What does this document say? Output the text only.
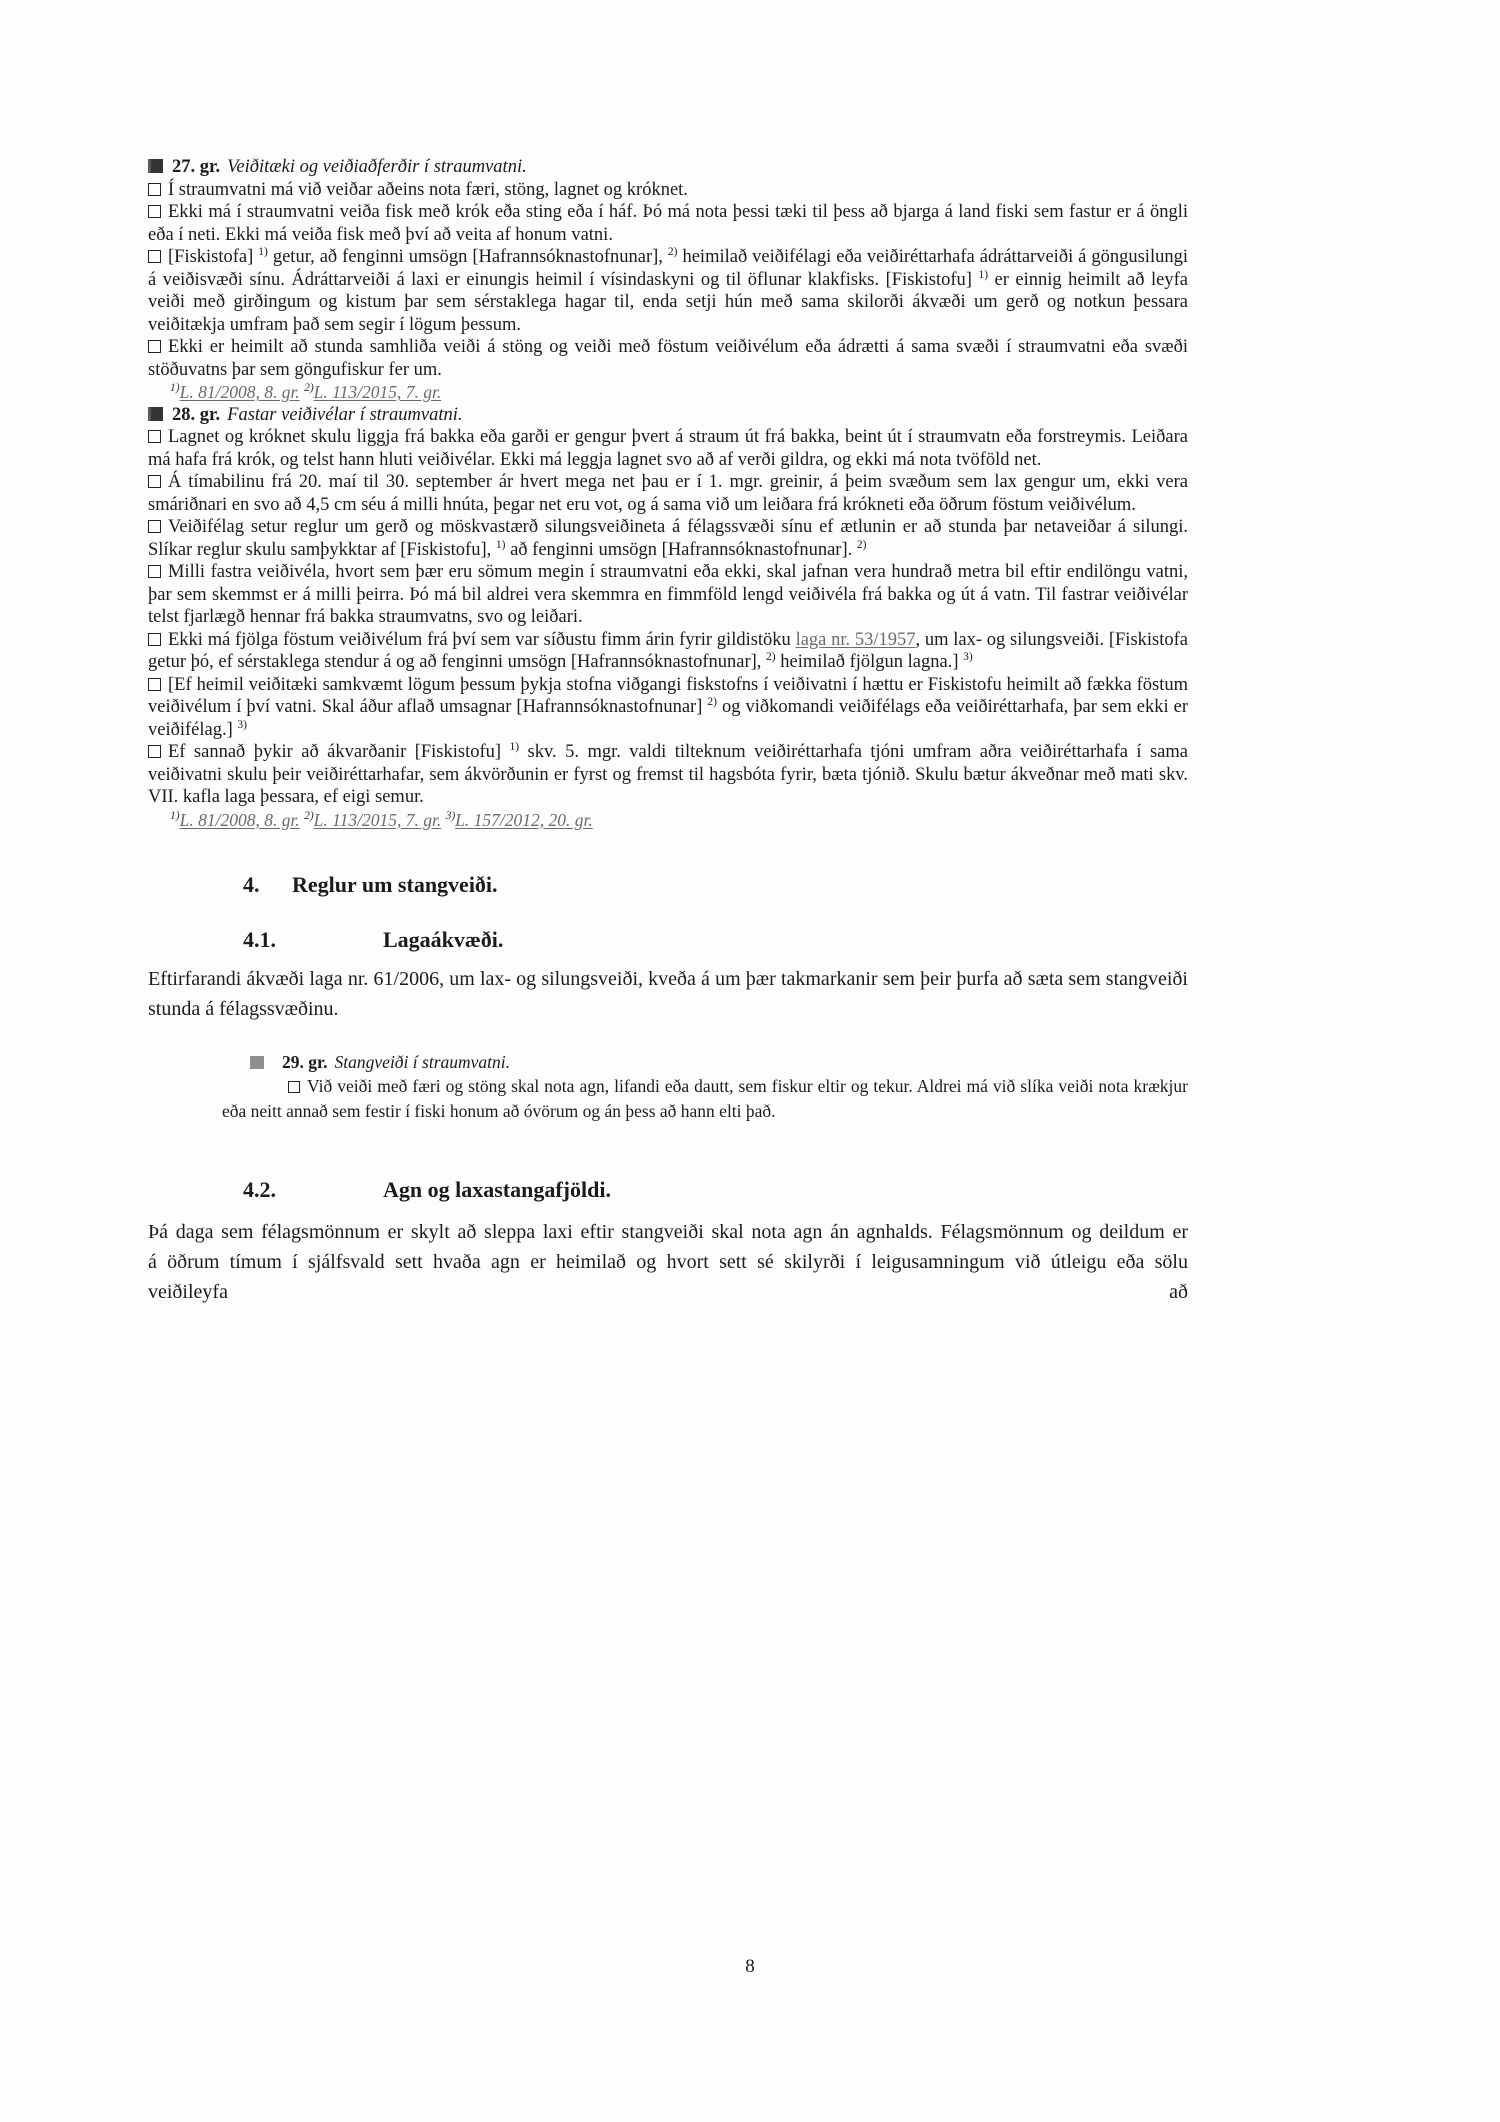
27. gr. Veiðitæki og veiðiaðferðir í straumvatni.
Í straumvatni má við veiðar aðeins nota færi, stöng, lagnet og króknet.
Ekki má í straumvatni veiða fisk með krók eða sting eða í háf. Þó má nota þessi tæki til þess að bjarga á land fiski sem fastur er á öngli eða í neti. Ekki má veiða fisk með því að veita af honum vatni.
[Fiskistofa] $^{1)}$ getur, að fenginni umsögn [Hafrannsóknastofnunar], $^{2)}$ heimilað veiðifélagi eða veiðiréttarhafa ádráttarveiði á göngusilungi á veiðisvæði sínu. Ádráttarveiði á laxi er einungis heimil í vísindaskyni og til öflunar klakfisks. [Fiskistofu] $^{1)}$ er einnig heimilt að leyfa veiði með girðingum og kistum þar sem sérstaklega hagar til, enda setji hún með sama skilorði ákvæði um gerð og notkun þessara veiðitækja umfram það sem segir í lögum þessum.
Ekki er heimilt að stunda samhliða veiði á stöng og veiði með föstum veiðivélum eða ádrætti á sama svæði í straumvatni eða svæði stöðuvatns þar sem göngufiskur fer um.
$^{1)}$L. 81/2008, 8. gr. $^{2)}$L. 113/2015, 7. gr.
28. gr. Fastar veiðivélar í straumvatni.
Lagnet og króknet skulu liggja frá bakka eða garði er gengur þvert á straum út frá bakka, beint út í straumvatn eða forstreymis. Leiðara má hafa frá krók, og telst hann hluti veiðivélar. Ekki má leggja lagnet svo að af verði gildra, og ekki má nota tvöföld net.
Á tímabilinu frá 20. maí til 30. september ár hvert mega net þau er í 1. mgr. greinir, á þeim svæðum sem lax gengur um, ekki vera smáriðnari en svo að 4,5 cm séu á milli hnúta, þegar net eru vot, og á sama við um leiðara frá krókneti eða öðrum föstum veiðivélum.
Veiðifélag setur reglur um gerð og möskvastærð silungsveiðineta á félagssvæði sínu ef ætlunin er að stunda þar netaveiðar á silungi. Slíkar reglur skulu samþykktar af [Fiskistofu], $^{1)}$ að fenginni umsögn [Hafrannsóknastofnunar]. $^{2)}$
Milli fastra veiðivéla, hvort sem þær eru sömum megin í straumvatni eða ekki, skal jafnan vera hundrað metra bil eftir endilöngu vatni, þar sem skemmst er á milli þeirra. Þó má bil aldrei vera skemmra en fimmföld lengd veiðivéla frá bakka og út á vatn. Til fastrar veiðivélar telst fjarlægð hennar frá bakka straumvatns, svo og leiðari.
Ekki má fjölga föstum veiðivélum frá því sem var síðustu fimm árin fyrir gildistöku laga nr. 53/1957, um lax- og silungsveiði. [Fiskistofa getur þó, ef sérstaklega stendur á og að fenginni umsögn [Hafrannsóknastofnunar], $^{2)}$ heimilað fjölgun lagna.] $^{3)}$
[Ef heimil veiðitæki samkvæmt lögum þessum þykja stofna viðgangi fiskstofns í veiðivatni í hættu er Fiskistofu heimilt að fækka föstum veiðivélum í því vatni. Skal áður aflað umsagnar [Hafrannsóknastofnunar] $^{2)}$ og viðkomandi veiðifélags eða veiðiréttarhafa, þar sem ekki er veiðifélag.] $^{3)}$
Ef sannað þykir að ákvarðanir [Fiskistofu] $^{1)}$ skv. 5. mgr. valdi tilteknum veiðiréttarhafa tjóni umfram aðra veiðiréttarhafa í sama veiðivatni skulu þeir veiðiréttarhafar, sem ákvörðunin er fyrst og fremst til hagsbóta fyrir, bæta tjónið. Skulu bætur ákveðnar með mati skv. VII. kafla laga þessara, ef eigi semur.
$^{1)}$L. 81/2008, 8. gr. $^{2)}$L. 113/2015, 7. gr. $^{3)}$L. 157/2012, 20. gr.
4. Reglur um stangveiði.
4.1.	Lagaákvæði.
Eftirfarandi ákvæði laga nr. 61/2006, um lax- og silungsveiði, kveða á um þær takmarkanir sem þeir þurfa að sæta sem stangveiði stunda á félagssvæðinu.
29. gr. Stangveiði í straumvatni.
Við veiði með færi og stöng skal nota agn, lifandi eða dautt, sem fiskur eltir og tekur. Aldrei má við slíka veiði nota krækjur eða neitt annað sem festir í fiski honum að óvörum og án þess að hann elti það.
4.2.	Agn og laxastangafjöldi.
Þá daga sem félagsmönnum er skylt að sleppa laxi eftir stangveiði skal nota agn án agnhalds. Félagsmönnum og deildum er á öðrum tímum í sjálfsvald sett hvaða agn er heimilað og hvort sett sé skilyrði í leigusamningum við útleigu eða sölu veiðileyfa að
8
